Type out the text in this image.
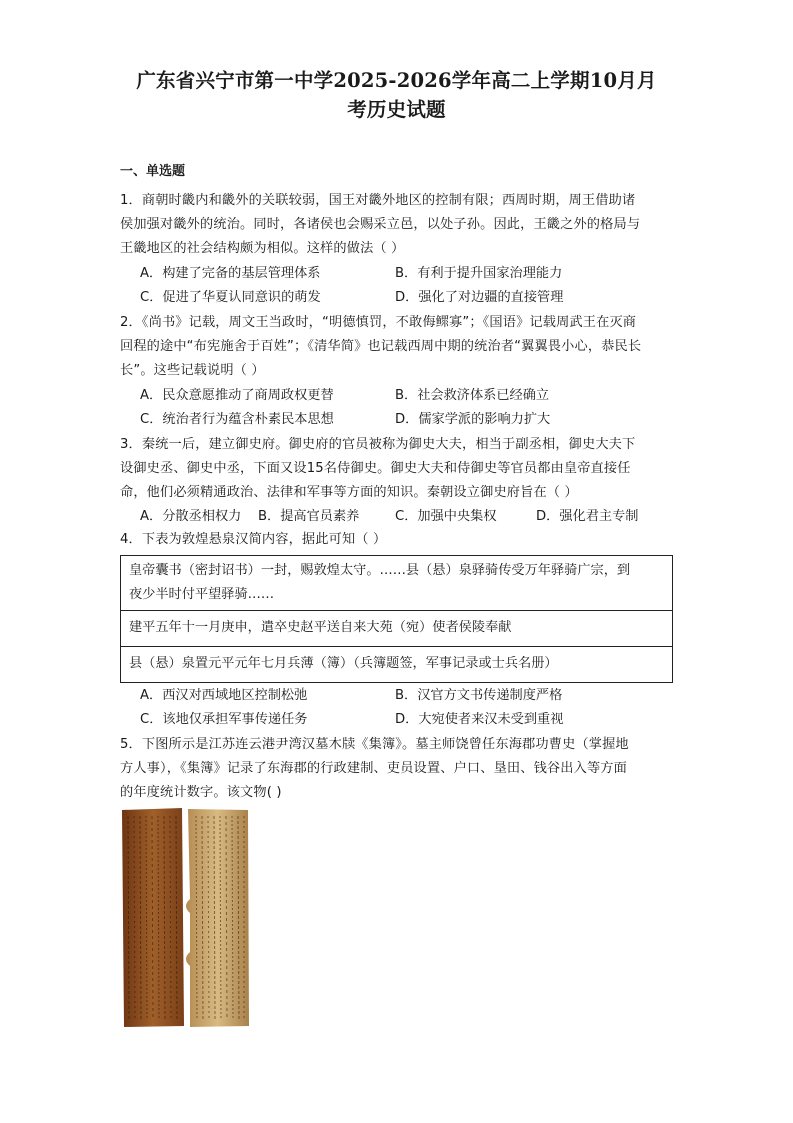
广东省兴宁市第一中学2025-2026学年高二上学期10月月
考历史试题
一、单选题
1．商朝时畿内和畿外的关联较弱，国王对畿外地区的控制有限；西周时期，周王借助诸
侯加强对畿外的统治。同时，各诸侯也会赐采立邑，以处子孙。因此，王畿之外的格局与
王畿地区的社会结构颇为相似。这样的做法（ ）
A．构建了完备的基层管理体系	B．有利于提升国家治理能力
C．促进了华夏认同意识的萌发	D．强化了对边疆的直接管理
2．《尚书》记载，周文王当政时，“明德慎罚，不敢侮鳏寡”；《国语》记载周武王在灭商
回程的途中“布宪施舍于百姓”；《清华简》也记载西周中期的统治者“翼翼畏小心，恭民长
长”。这些记载说明（ ）
A．民众意愿推动了商周政权更替	B．社会救济体系已经确立
C．统治者行为蕴含朴素民本思想	D．儒家学派的影响力扩大
3．秦统一后，建立御史府。御史府的官员被称为御史大夫，相当于副丞相，御史大夫下
设御史丞、御史中丞，下面又设15名侍御史。御史大夫和侍御史等官员都由皇帝直接任
命，他们必须精通政治、法律和军事等方面的知识。秦朝设立御史府旨在（ ）
A．分散丞相权力 B．提高官员素养	C．加强中央集权	D．强化君主专制
4．下表为敦煌悬泉汉简内容，据此可知（ ）
皇帝囊书（密封诏书）一封，赐敦煌太守。……县（悬）泉驿骑传受万年驿骑广宗，到
夜少半时付平望驿骑……

建平五年十一月庚申，遣卒史赵平送自来大苑（宛）使者侯陵奉献

县（悬）泉置元平元年七月兵薄（簿）（兵簿题签，军事记录或士兵名册）
A．西汉对西域地区控制松弛	B．汉官方文书传递制度严格
C．该地仅承担军事传递任务	D．大宛使者来汉未受到重视
5．下图所示是江苏连云港尹湾汉墓木牍《集簿》。墓主师饶曾任东海郡功曹史（掌握地
方人事），《集簿》记录了东海郡的行政建制、吏员设置、户口、垦田、钱谷出入等方面
的年度统计数字。该文物( )
